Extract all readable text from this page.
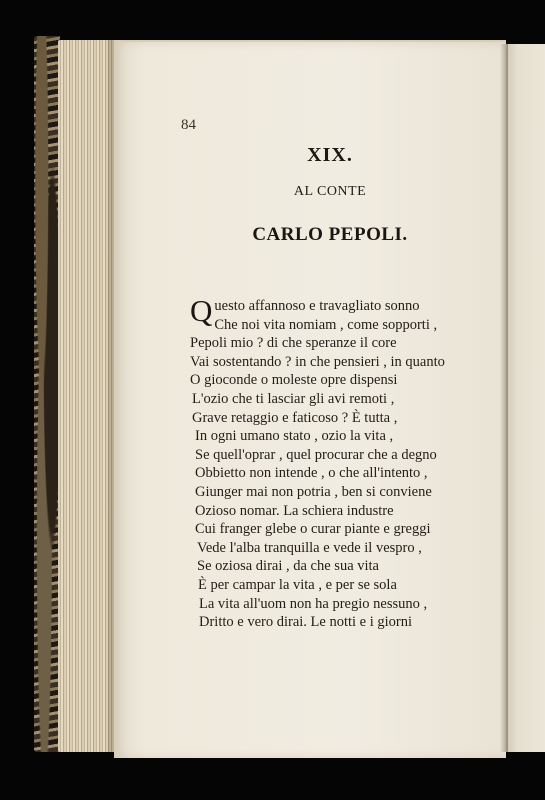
84
XIX.
AL CONTE
CARLO PEPOLI.
Q uesto affannoso e travagliato sonno
Che noi vita nomiam , come sopporti ,
Pepoli mio ? di che speranze il core
Vai sostentando ? in che pensieri , in quanto
O gioconde o moleste opre dispensi
L'ozio che ti lasciar gli avi remoti ,
Grave retaggio e faticoso ? È tutta ,
In ogni umano stato , ozio la vita ,
Se quell'oprar , quel procurar che a degno
Obbietto non intende , o che all'intento ,
Giunger mai non potria , ben si conviene
Ozioso nomar. La schiera industre
Cui franger glebe o curar piante e greggi
Vede l'alba tranquilla e vede il vespro ,
Se oziosa dirai , da che sua vita
È per campar la vita , e per se sola
La vita all'uom non ha pregio nessuno ,
Dritto e vero dirai. Le notti e i giorni
